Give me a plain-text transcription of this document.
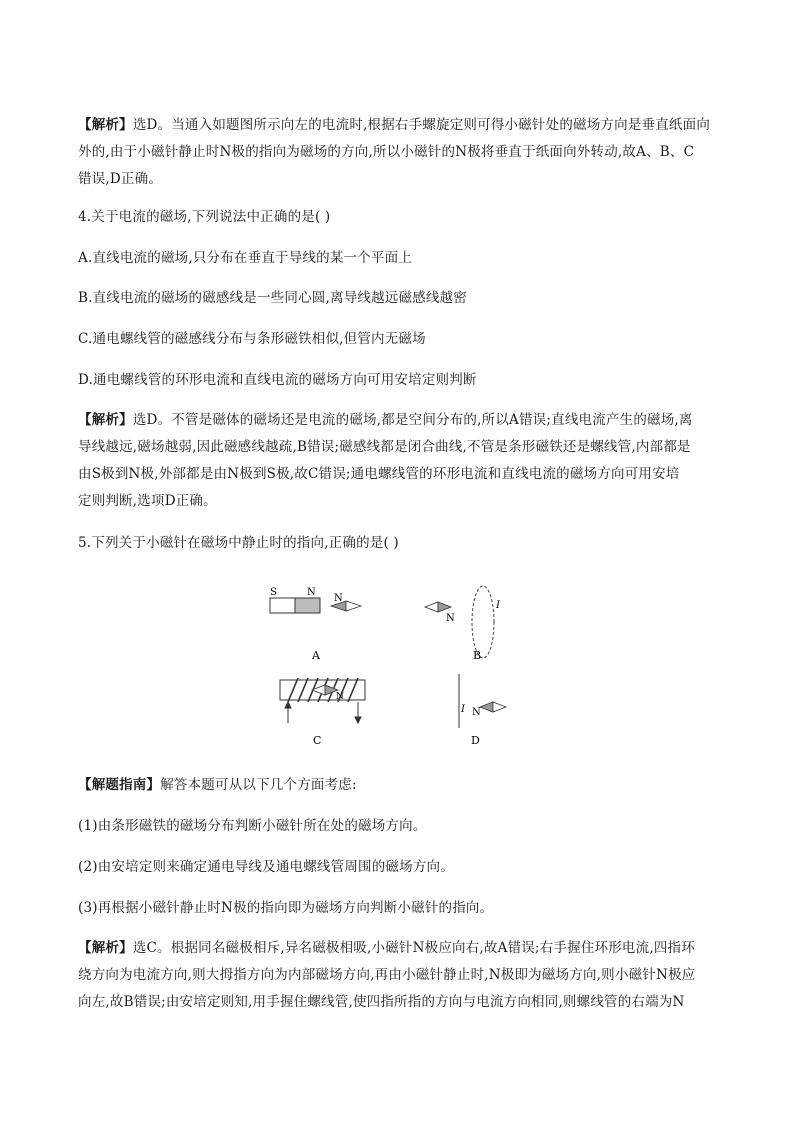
【解析】选D。当通入如题图所示向左的电流时,根据右手螺旋定则可得小磁针处的磁场方向是垂直纸面向
外的,由于小磁针静止时N极的指向为磁场的方向,所以小磁针的N极将垂直于纸面向外转动,故A、B、C
错误,D正确。
4.关于电流的磁场,下列说法中正确的是( )
A.直线电流的磁场,只分布在垂直于导线的某一个平面上
B.直线电流的磁场的磁感线是一些同心圆,离导线越远磁感线越密
C.通电螺线管的磁感线分布与条形磁铁相似,但管内无磁场
D.通电螺线管的环形电流和直线电流的磁场方向可用安培定则判断
【解析】选D。不管是磁体的磁场还是电流的磁场,都是空间分布的,所以A错误;直线电流产生的磁场,离
导线越远,磁场越弱,因此磁感线越疏,B错误;磁感线都是闭合曲线,不管是条形磁铁还是螺线管,内部都是
由S极到N极,外部都是由N极到S极,故C错误;通电螺线管的环形电流和直线电流的磁场方向可用安培
定则判断,选项D正确。
5.下列关于小磁针在磁场中静止时的指向,正确的是( )
S	N
N
A
N
I
B
N
C
I N
D
【解题指南】解答本题可从以下几个方面考虑:
(1)由条形磁铁的磁场分布判断小磁针所在处的磁场方向。
(2)由安培定则来确定通电导线及通电螺线管周围的磁场方向。
(3)再根据小磁针静止时N极的指向即为磁场方向判断小磁针的指向。
【解析】选C。根据同名磁极相斥,异名磁极相吸,小磁针N极应向右,故A错误;右手握住环形电流,四指环
绕方向为电流方向,则大拇指方向为内部磁场方向,再由小磁针静止时,N极即为磁场方向,则小磁针N极应
向左,故B错误;由安培定则知,用手握住螺线管,使四指所指的方向与电流方向相同,则螺线管的右端为N
